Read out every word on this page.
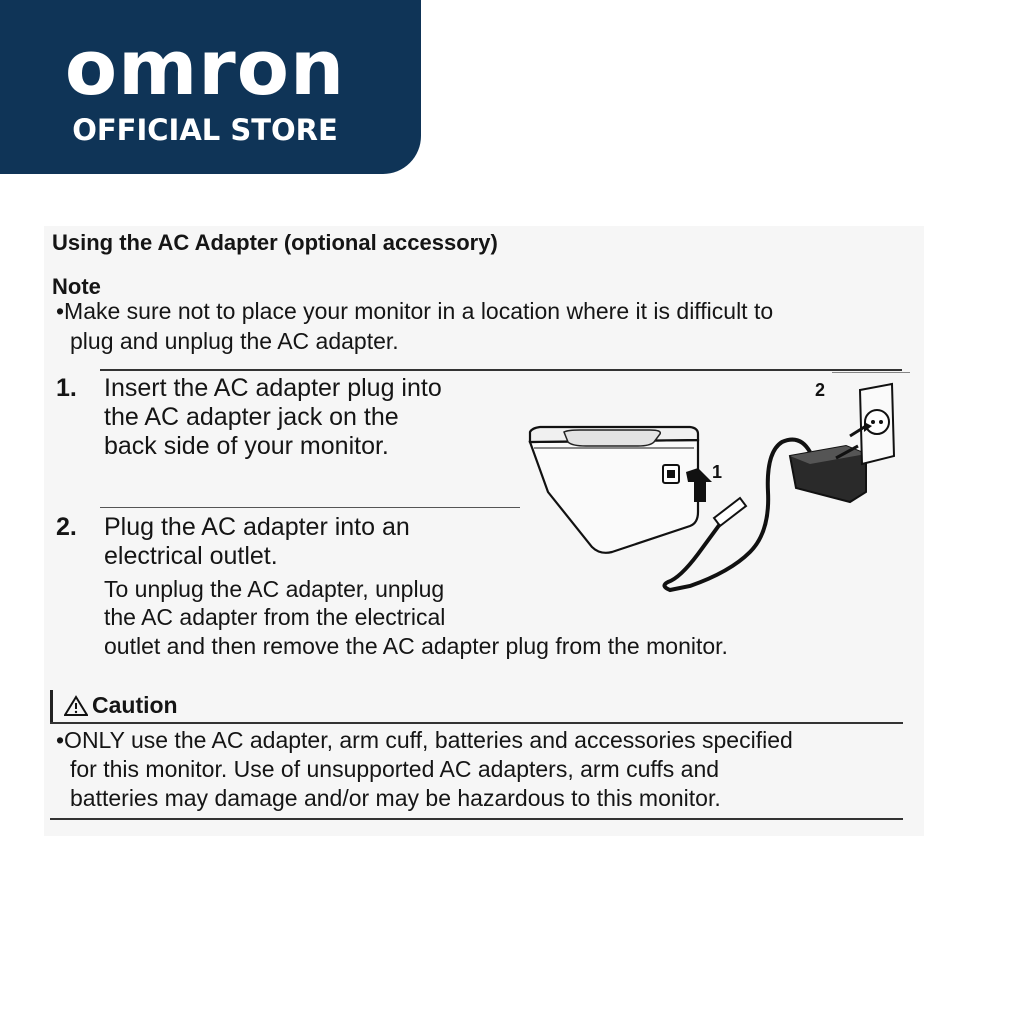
omron
OFFICIAL STORE
Using the AC Adapter (optional accessory)
Note
•Make sure not to place your monitor in a location where it is difficult to
plug and unplug the AC adapter.
1. Insert the AC adapter plug into
the AC adapter jack on the
back side of your monitor.
2. Plug the AC adapter into an
electrical outlet.
To unplug the AC adapter, unplug
the AC adapter from the electrical
outlet and then remove the AC adapter plug from the monitor.
1
2
Caution
•ONLY use the AC adapter, arm cuff, batteries and accessories specified
for this monitor. Use of unsupported AC adapters, arm cuffs and
batteries may damage and/or may be hazardous to this monitor.
